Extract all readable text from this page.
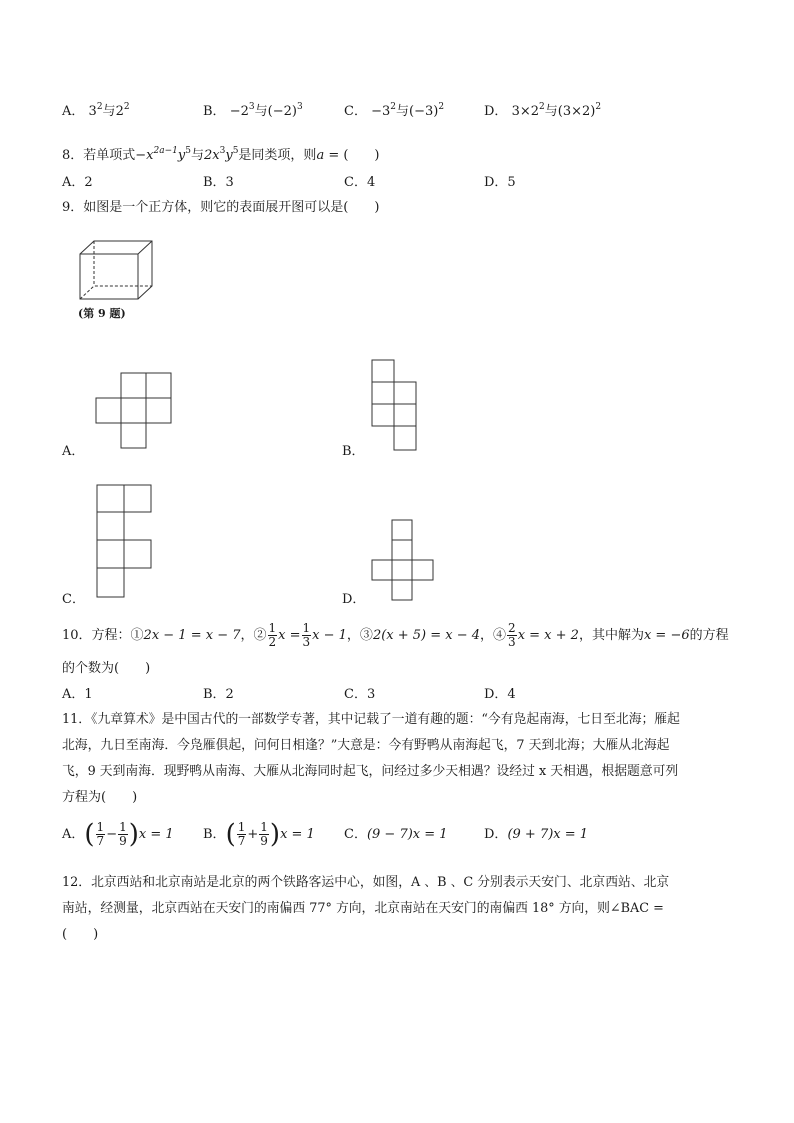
A． $3^2$与$2^2$	B． $-2^3$与$(-2)^3$	C． $-3^2$与$(-3)^2$	D． $3\times 2^2$与$(3\times 2)^2$
8．若单项式$-x^{2a-1}y^5$与$2x^3y^5$是同类项，则a = (　　)
A．2	B．3	C．4	D．5
9．如图是一个正方体，则它的表面展开图可以是(　　)
(第 9 题)
A．	B．
C．	D．
10．方程：①2x − 1 = x − 7，② $\frac{1}{2}$ $x = \frac{1}{3}$ x − 1，③2(x + 5) = x − 4，④ $\frac{2}{3}$ x = x + 2，其中解为x = −6的方程
的个数为(　　)
A．1	B．2	C．3	D．4
11．《九章算术》是中国古代的一部数学专著，其中记载了一道有趣的题：“今有凫起南海，七日至北海；雁起
北海，九日至南海．今凫雁俱起，问何日相逢？”大意是：今有野鸭从南海起飞，7 天到北海；大雁从北海起
飞，9 天到南海．现野鸭从南海、大雁从北海同时起飞，问经过多少天相遇？设经过 x 天相遇，根据题意可列
方程为(　　)
A．( $\frac{1}{7} - \frac{1}{9} )x = 1$ B．( $\frac{1}{7} + \frac{1}{9} )x = 1$ C．(9 − 7)x = 1	D．(9 + 7)x = 1
12．北京西站和北京南站是北京的两个铁路客运中心，如图，A 、B 、C 分别表示天安门、北京西站、北京
南站，经测量，北京西站在天安门的南偏西 77° 方向，北京南站在天安门的南偏西 18° 方向，则∠BAC =
(　　)
